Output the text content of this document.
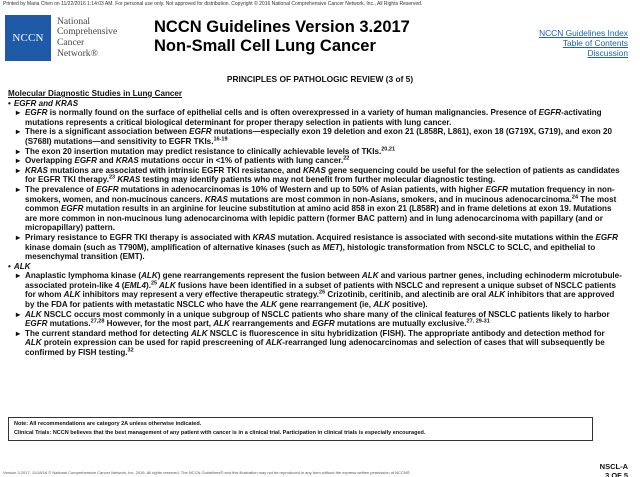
Printed by Maria Chen on 11/22/2016 1:14:03 AM. For personal use only. Not approved for distribution. Copyright © 2016 National Comprehensive Cancer Network, Inc., All Rights Reserved.
NCCN
National
Comprehensive
Cancer
Network®
NCCN Guidelines Version 3.2017
Non-Small Cell Lung Cancer
NCCN Guidelines Index
Table of Contents
Discussion
PRINCIPLES OF PATHOLOGIC REVIEW (3 of 5)
Molecular Diagnostic Studies in Lung Cancer
• EGFR and KRAS
▸ EGFR is normally found on the surface of epithelial cells and is often overexpressed in a variety of human malignancies. Presence of EGFR-activating mutations represents a critical biological determinant for proper therapy selection in patients with lung cancer.
▸ There is a significant association between EGFR mutations—especially exon 19 deletion and exon 21 (L858R, L861), exon 18 (G719X, G719), and exon 20 (S768I) mutations—and sensitivity to EGFR TKIs.$^{16-19}$
▸ The exon 20 insertion mutation may predict resistance to clinically achievable levels of TKIs.$^{20,21}$
▸ Overlapping EGFR and KRAS mutations occur in <1% of patients with lung cancer.$^{22}$
▸ KRAS mutations are associated with intrinsic EGFR TKI resistance, and KRAS gene sequencing could be useful for the selection of patients as candidates for EGFR TKI therapy.$^{23}$ KRAS testing may identify patients who may not benefit from further molecular diagnostic testing.
▸ The prevalence of EGFR mutations in adenocarcinomas is 10% of Western and up to 50% of Asian patients, with higher EGFR mutation frequency in non-smokers, women, and non-mucinous cancers. KRAS mutations are most common in non-Asians, smokers, and in mucinous adenocarcinoma.$^{24}$ The most common EGFR mutation results in an arginine for leucine substitution at amino acid 858 in exon 21 (L858R) and in frame deletions at exon 19. Mutations are more common in non-mucinous lung adenocarcinoma with lepidic pattern (former BAC pattern) and in lung adenocarcinoma with papillary (and or micropapillary) pattern.
▸ Primary resistance to EGFR TKI therapy is associated with KRAS mutation. Acquired resistance is associated with second-site mutations within the EGFR kinase domain (such as T790M), amplification of alternative kinases (such as MET), histologic transformation from NSCLC to SCLC, and epithelial to mesenchymal transition (EMT).
• ALK
▸ Anaplastic lymphoma kinase (ALK) gene rearrangements represent the fusion between ALK and various partner genes, including echinoderm microtubule-associated protein-like 4 (EML4).$^{25}$ ALK fusions have been identified in a subset of patients with NSCLC and represent a unique subset of NSCLC patients for whom ALK inhibitors may represent a very effective therapeutic strategy.$^{26}$ Crizotinib, ceritinib, and alectinib are oral ALK inhibitors that are approved by the FDA for patients with metastatic NSCLC who have the ALK gene rearrangement (ie, ALK positive).
▸ ALK NSCLC occurs most commonly in a unique subgroup of NSCLC patients who share many of the clinical features of NSCLC patients likely to harbor EGFR mutations.$^{27,28}$ However, for the most part, ALK rearrangements and EGFR mutations are mutually exclusive.$^{27, 29-31}$
▸ The current standard method for detecting ALK NSCLC is fluorescence in situ hybridization (FISH). The appropriate antibody and detection method for ALK protein expression can be used for rapid prescreening of ALK-rearranged lung adenocarcinomas and selection of cases that will subsequently be confirmed by FISH testing.$^{32}$
Note: All recommendations are category 2A unless otherwise indicated.
Clinical Trials: NCCN believes that the best management of any patient with cancer is in a clinical trial. Participation in clinical trials is especially encouraged.
NSCL-A
3 OF 5
Version 3.2017, 11/18/16 © National Comprehensive Cancer Network, Inc. 2016, All rights reserved. The NCCN Guidelines® and this illustration may not be reproduced in any form without the express written permission of NCCN®.
